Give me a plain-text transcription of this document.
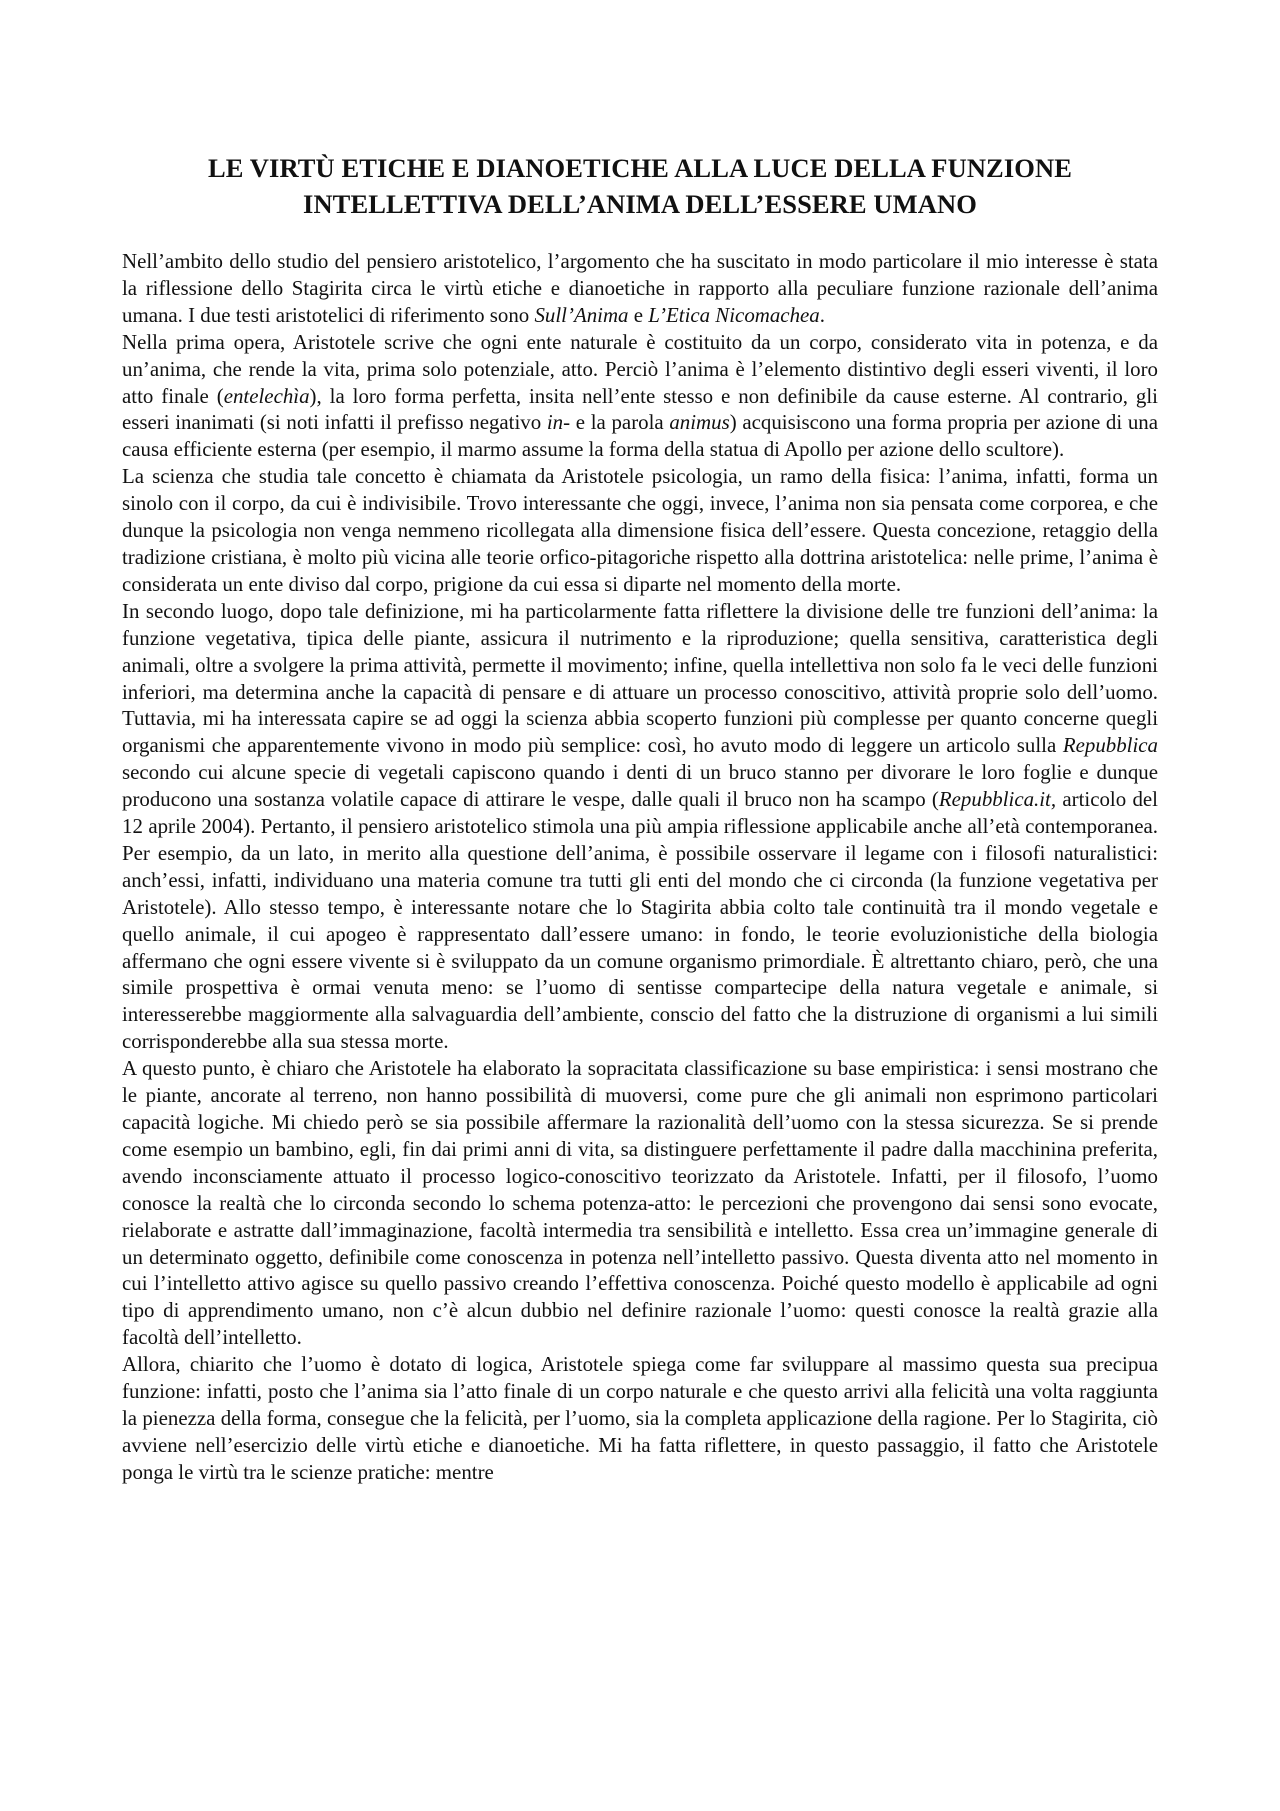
LE VIRTÙ ETICHE E DIANOETICHE ALLA LUCE DELLA FUNZIONE
INTELLETTIVA DELL’ANIMA DELL’ESSERE UMANO

Nell’ambito dello studio del pensiero aristotelico, l’argomento che ha suscitato in modo particolare il mio interesse è stata la riflessione dello Stagirita circa le virtù etiche e dianoetiche in rapporto alla peculiare funzione razionale dell’anima umana. I due testi aristotelici di riferimento sono Sull’Anima e L’Etica Nicomachea.

Nella prima opera, Aristotele scrive che ogni ente naturale è costituito da un corpo, considerato vita in potenza, e da un’anima, che rende la vita, prima solo potenziale, atto. Perciò l’anima è l’elemento distintivo degli esseri viventi, il loro atto finale (entelechìa), la loro forma perfetta, insita nell’ente stesso e non definibile da cause esterne. Al contrario, gli esseri inanimati (si noti infatti il prefisso negativo in- e la parola animus) acquisiscono una forma propria per azione di una causa efficiente esterna (per esempio, il marmo assume la forma della statua di Apollo per azione dello scultore).

La scienza che studia tale concetto è chiamata da Aristotele psicologia, un ramo della fisica: l’anima, infatti, forma un sinolo con il corpo, da cui è indivisibile. Trovo interessante che oggi, invece, l’anima non sia pensata come corporea, e che dunque la psicologia non venga nemmeno ricollegata alla dimensione fisica dell’essere. Questa concezione, retaggio della tradizione cristiana, è molto più vicina alle teorie orfico-pitagoriche rispetto alla dottrina aristotelica: nelle prime, l’anima è considerata un ente diviso dal corpo, prigione da cui essa si diparte nel momento della morte.

In secondo luogo, dopo tale definizione, mi ha particolarmente fatta riflettere la divisione delle tre funzioni dell’anima: la funzione vegetativa, tipica delle piante, assicura il nutrimento e la riproduzione; quella sensitiva, caratteristica degli animali, oltre a svolgere la prima attività, permette il movimento; infine, quella intellettiva non solo fa le veci delle funzioni inferiori, ma determina anche la capacità di pensare e di attuare un processo conoscitivo, attività proprie solo dell’uomo. Tuttavia, mi ha interessata capire se ad oggi la scienza abbia scoperto funzioni più complesse per quanto concerne quegli organismi che apparentemente vivono in modo più semplice: così, ho avuto modo di leggere un articolo sulla Repubblica secondo cui alcune specie di vegetali capiscono quando i denti di un bruco stanno per divorare le loro foglie e dunque producono una sostanza volatile capace di attirare le vespe, dalle quali il bruco non ha scampo (Repubblica.it, articolo del 12 aprile 2004). Pertanto, il pensiero aristotelico stimola una più ampia riflessione applicabile anche all’età contemporanea. Per esempio, da un lato, in merito alla questione dell’anima, è possibile osservare il legame con i filosofi naturalistici: anch’essi, infatti, individuano una materia comune tra tutti gli enti del mondo che ci circonda (la funzione vegetativa per Aristotele). Allo stesso tempo, è interessante notare che lo Stagirita abbia colto tale continuità tra il mondo vegetale e quello animale, il cui apogeo è rappresentato dall’essere umano: in fondo, le teorie evoluzionistiche della biologia affermano che ogni essere vivente si è sviluppato da un comune organismo primordiale. È altrettanto chiaro, però, che una simile prospettiva è ormai venuta meno: se l’uomo di sentisse compartecipe della natura vegetale e animale, si interesserebbe maggiormente alla salvaguardia dell’ambiente, conscio del fatto che la distruzione di organismi a lui simili corrisponderebbe alla sua stessa morte.

A questo punto, è chiaro che Aristotele ha elaborato la sopracitata classificazione su base empiristica: i sensi mostrano che le piante, ancorate al terreno, non hanno possibilità di muoversi, come pure che gli animali non esprimono particolari capacità logiche. Mi chiedo però se sia possibile affermare la razionalità dell’uomo con la stessa sicurezza. Se si prende come esempio un bambino, egli, fin dai primi anni di vita, sa distinguere perfettamente il padre dalla macchinina preferita, avendo inconsciamente attuato il processo logico-conoscitivo teorizzato da Aristotele. Infatti, per il filosofo, l’uomo conosce la realtà che lo circonda secondo lo schema potenza-atto: le percezioni che provengono dai sensi sono evocate, rielaborate e astratte dall’immaginazione, facoltà intermedia tra sensibilità e intelletto. Essa crea un’immagine generale di un determinato oggetto, definibile come conoscenza in potenza nell’intelletto passivo. Questa diventa atto nel momento in cui l’intelletto attivo agisce su quello passivo creando l’effettiva conoscenza. Poiché questo modello è applicabile ad ogni tipo di apprendimento umano, non c’è alcun dubbio nel definire razionale l’uomo: questi conosce la realtà grazie alla facoltà dell’intelletto.

Allora, chiarito che l’uomo è dotato di logica, Aristotele spiega come far sviluppare al massimo questa sua precipua funzione: infatti, posto che l’anima sia l’atto finale di un corpo naturale e che questo arrivi alla felicità una volta raggiunta la pienezza della forma, consegue che la felicità, per l’uomo, sia la completa applicazione della ragione. Per lo Stagirita, ciò avviene nell’esercizio delle virtù etiche e dianoetiche. Mi ha fatta riflettere, in questo passaggio, il fatto che Aristotele ponga le virtù tra le scienze pratiche: mentre
